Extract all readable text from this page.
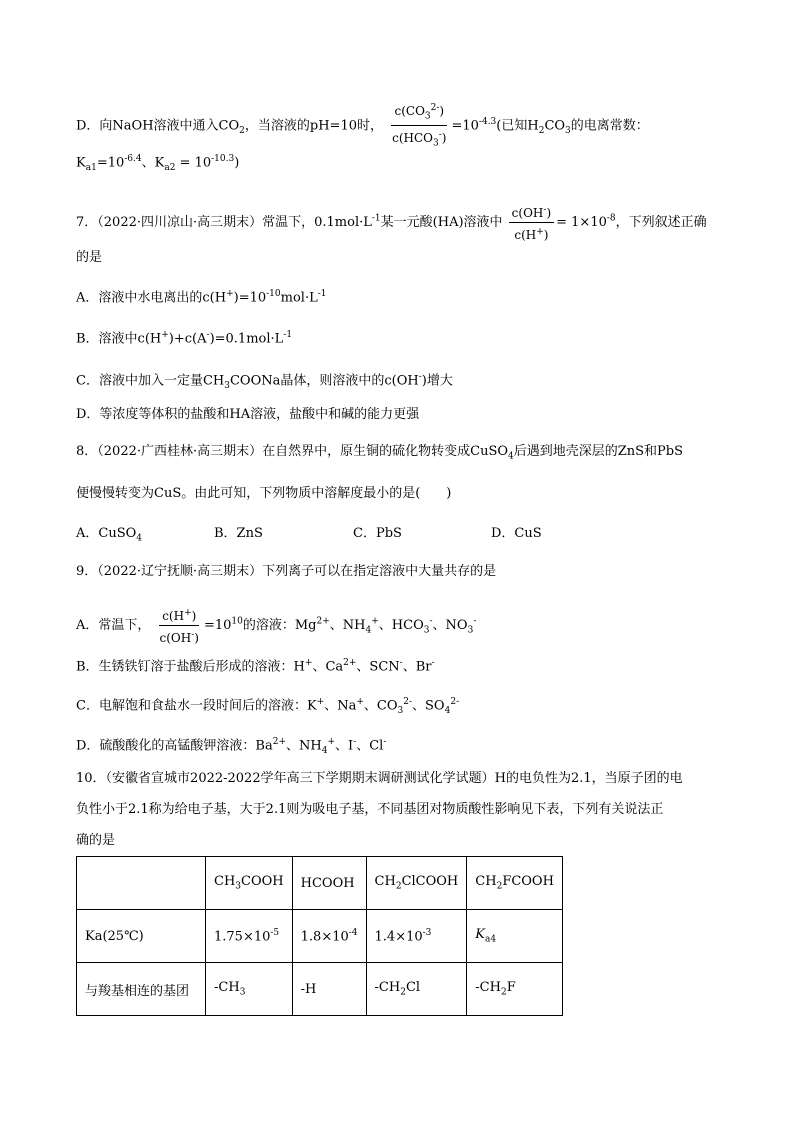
D．向NaOH溶液中通入$CO_2$，当溶液的pH=10时， $\frac{c(CO_3^{2-})}{c(HCO_3^-)} =10^{-4.3}$(已知$H_2CO_3$的电离常数：
$K_{a1}=10^{-6.4}$、$K_{a2} = 10^{-10.3}$)
7．（2022·四川凉山·高三期末）常温下，$0.1mol\cdot L^{-1}$某一元酸(HA)溶液中 $\frac{c(OH^-)}{c(H^+)} = 1\times 10^{-8}$，下列叙述正确
的是
A．溶液中水电离出的$c(H^+)=10^{-10}mol\cdot L^{-1}$
B．溶液中$c(H^+)+c(A^-)=0.1mol\cdot L^{-1}$
C．溶液中加入一定量$CH_3COONa$晶体，则溶液中的c(OH-)增大
D．等浓度等体积的盐酸和HA溶液，盐酸中和碱的能力更强
8．（2022·广西桂林·高三期末）在自然界中，原生铜的硫化物转变成CuSO$_4$后遇到地壳深层的ZnS和PbS
便慢慢转变为CuS。由此可知，下列物质中溶解度最小的是(　　)
A．CuSO$_4$	B．ZnS	C．PbS	D．CuS
9．（2022·辽宁抚顺·高三期末）下列离子可以在指定溶液中大量共存的是
A．常温下， $\frac{c(H^+)}{c(OH^-)} =10^{10}$的溶液：$Mg^{2+}$、$NH_4^+$、$HCO_3^-$、$NO_3^-$
B．生锈铁钉溶于盐酸后形成的溶液：H+、$Ca^{2+}$、SCN-、Br-
C．电解饱和食盐水一段时间后的溶液：K+、Na+、$CO_3^{2-}$、$SO_4^{2-}$
D．硫酸酸化的高锰酸钾溶液：$Ba^{2+}$、$NH_4^+$、I-、Cl-
10．（安徽省宣城市2022-2022学年高三下学期期末调研测试化学试题）H的电负性为2.1，当原子团的电
负性小于2.1称为给电子基，大于2.1则为吸电子基，不同基团对物质酸性影响见下表，下列有关说法正
确的是
	$CH_3COOH$	HCOOH	$CH_2ClCOOH$	$CH_2FCOOH$
Ka(25℃)	$1.75\times 10^{-5}$	$1.8\times 10^{-4}$	$1.4\times 10^{-3}$	$K_{a4}$
与羧基相连的基团	$-CH_3$	-H	$-CH_2Cl$	$-CH_2F$
